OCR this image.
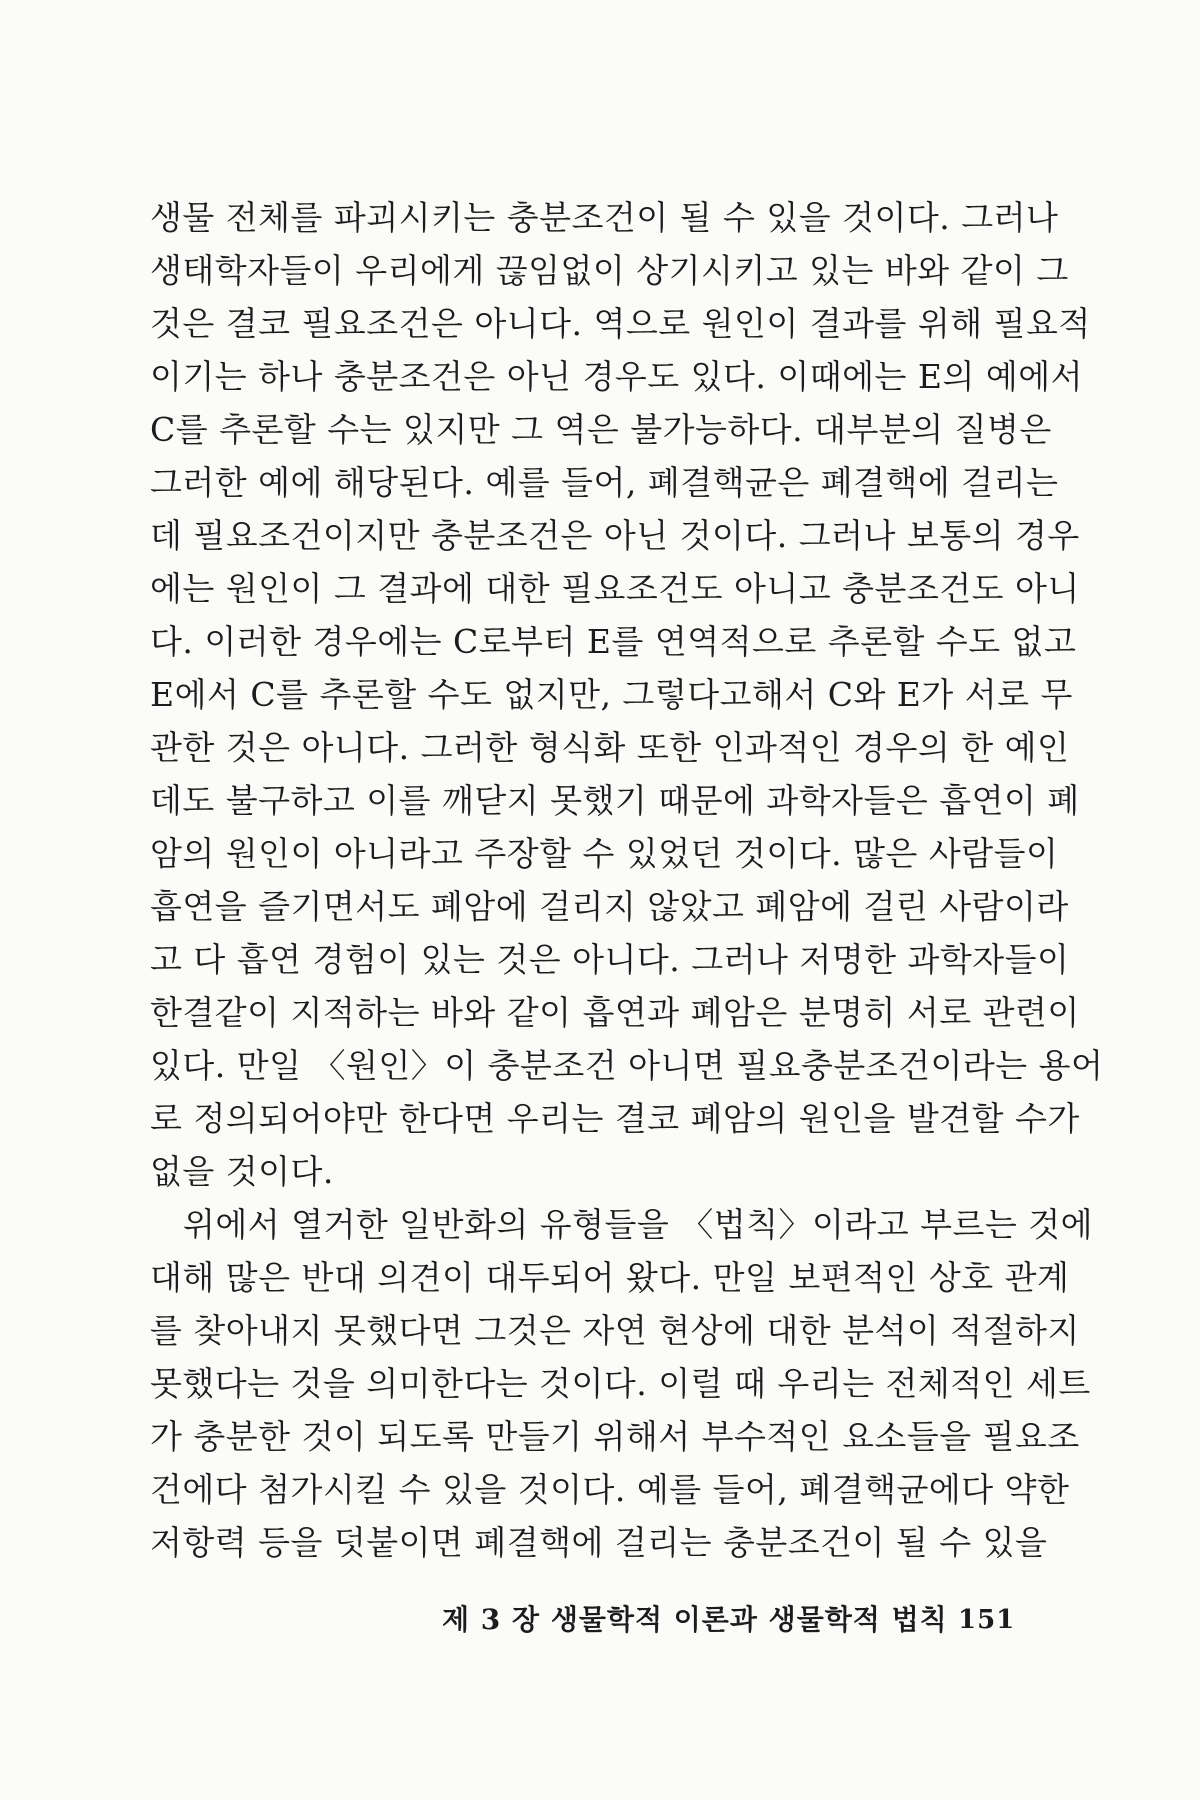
생물 전체를 파괴시키는 충분조건이 될 수 있을 것이다. 그러나
생태학자들이 우리에게 끊임없이 상기시키고 있는 바와 같이 그
것은 결코 필요조건은 아니다. 역으로 원인이 결과를 위해 필요적
이기는 하나 충분조건은 아닌 경우도 있다. 이때에는 E의 예에서
C를 추론할 수는 있지만 그 역은 불가능하다. 대부분의 질병은
그러한 예에 해당된다. 예를 들어, 폐결핵균은 폐결핵에 걸리는
데 필요조건이지만 충분조건은 아닌 것이다. 그러나 보통의 경우
에는 원인이 그 결과에 대한 필요조건도 아니고 충분조건도 아니
다. 이러한 경우에는 C로부터 E를 연역적으로 추론할 수도 없고
E에서 C를 추론할 수도 없지만, 그렇다고해서 C와 E가 서로 무
관한 것은 아니다. 그러한 형식화 또한 인과적인 경우의 한 예인
데도 불구하고 이를 깨닫지 못했기 때문에 과학자들은 흡연이 폐
암의 원인이 아니라고 주장할 수 있었던 것이다. 많은 사람들이
흡연을 즐기면서도 폐암에 걸리지 않았고 폐암에 걸린 사람이라
고 다 흡연 경험이 있는 것은 아니다. 그러나 저명한 과학자들이
한결같이 지적하는 바와 같이 흡연과 폐암은 분명히 서로 관련이
있다. 만일 〈원인〉이 충분조건 아니면 필요충분조건이라는 용어
로 정의되어야만 한다면 우리는 결코 폐암의 원인을 발견할 수가
없을 것이다.
위에서 열거한 일반화의 유형들을 〈법칙〉이라고 부르는 것에
대해 많은 반대 의견이 대두되어 왔다. 만일 보편적인 상호 관계
를 찾아내지 못했다면 그것은 자연 현상에 대한 분석이 적절하지
못했다는 것을 의미한다는 것이다. 이럴 때 우리는 전체적인 세트
가 충분한 것이 되도록 만들기 위해서 부수적인 요소들을 필요조
건에다 첨가시킬 수 있을 것이다. 예를 들어, 폐결핵균에다 약한
저항력 등을 덧붙이면 폐결핵에 걸리는 충분조건이 될 수 있을
제 3 장 생물학적 이론과 생물학적 법칙 151
